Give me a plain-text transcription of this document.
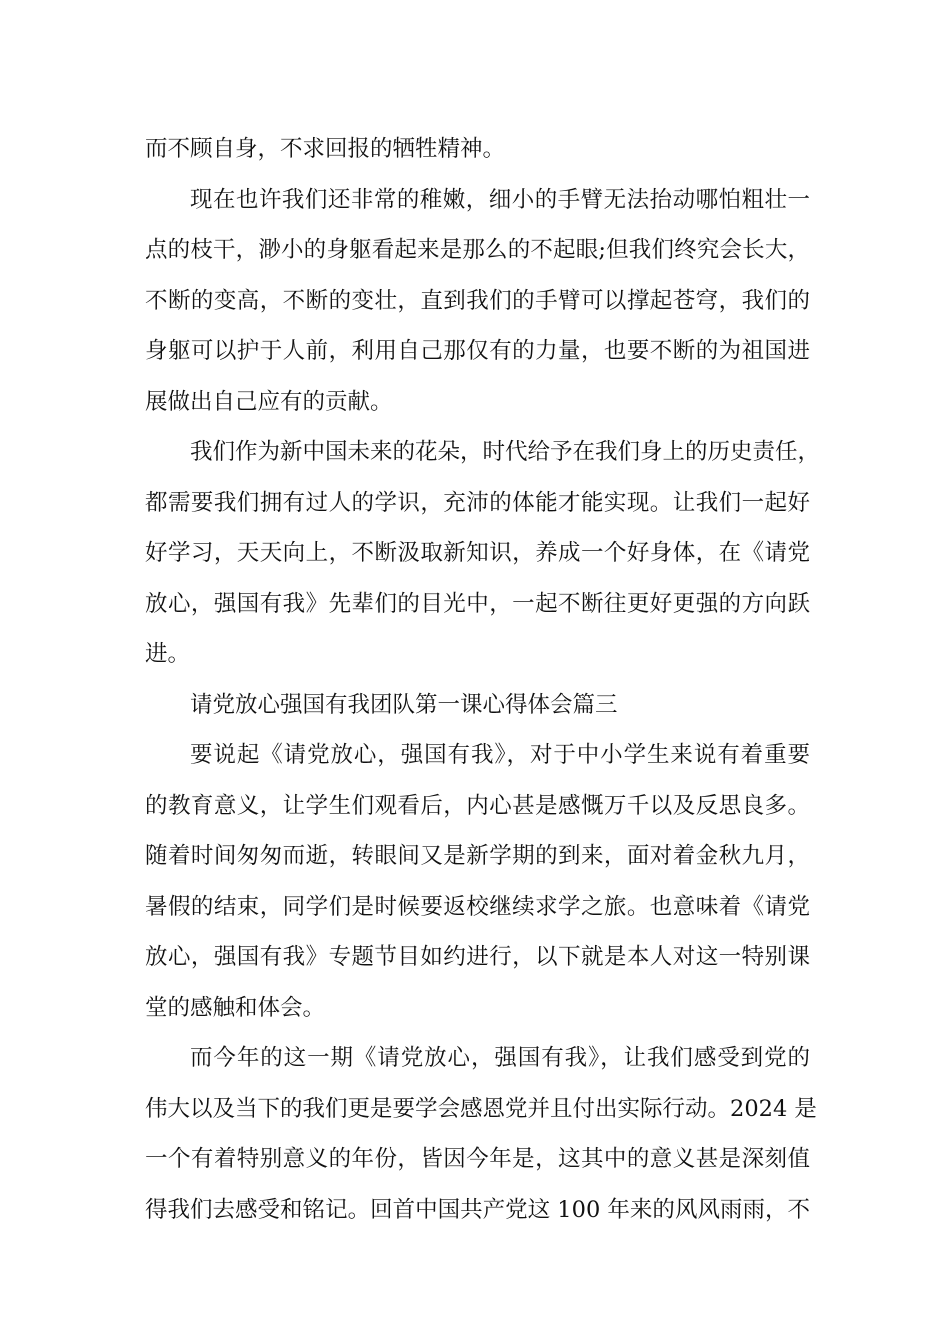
而不顾自身，不求回报的牺牲精神。
现在也许我们还非常的稚嫩，细小的手臂无法抬动哪怕粗壮一
点的枝干，渺小的身躯看起来是那么的不起眼;但我们终究会长大，
不断的变高，不断的变壮，直到我们的手臂可以撑起苍穹，我们的
身躯可以护于人前，利用自己那仅有的力量，也要不断的为祖国进
展做出自己应有的贡献。
我们作为新中国未来的花朵，时代给予在我们身上的历史责任，
都需要我们拥有过人的学识，充沛的体能才能实现。让我们一起好
好学习，天天向上，不断汲取新知识，养成一个好身体，在《请党
放心，强国有我》先辈们的目光中，一起不断往更好更强的方向跃
进。
请党放心强国有我团队第一课心得体会篇三
要说起《请党放心，强国有我》，对于中小学生来说有着重要
的教育意义，让学生们观看后，内心甚是感慨万千以及反思良多。
随着时间匆匆而逝，转眼间又是新学期的到来，面对着金秋九月，
暑假的结束，同学们是时候要返校继续求学之旅。也意味着《请党
放心，强国有我》专题节目如约进行，以下就是本人对这一特别课
堂的感触和体会。
而今年的这一期《请党放心，强国有我》，让我们感受到党的
伟大以及当下的我们更是要学会感恩党并且付出实际行动。2024 是
一个有着特别意义的年份，皆因今年是，这其中的意义甚是深刻值
得我们去感受和铭记。回首中国共产党这 100 年来的风风雨雨，不
